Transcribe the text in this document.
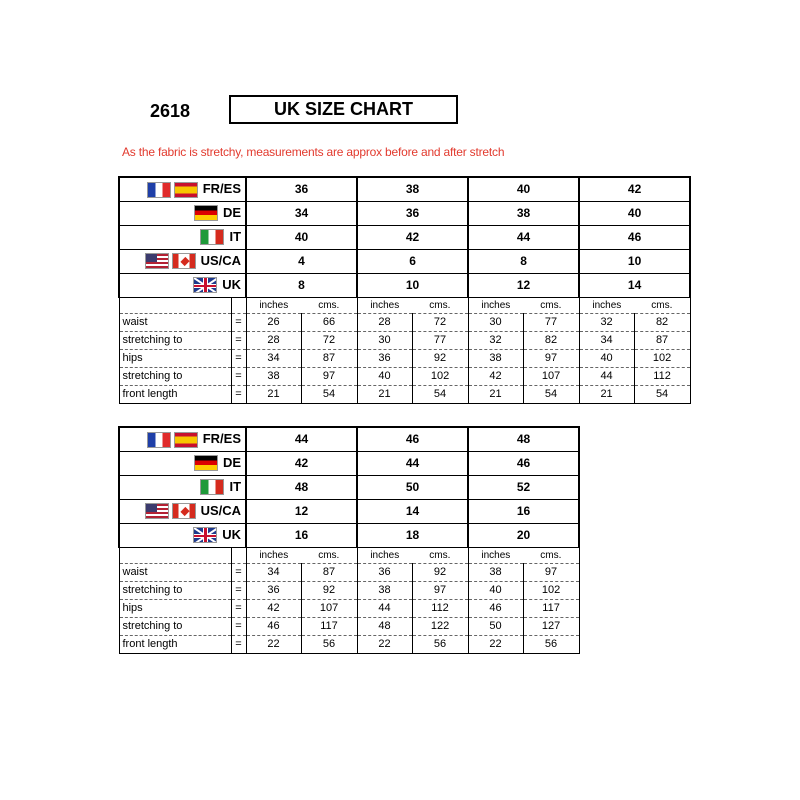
2618	UK SIZE CHART
As the fabric is stretchy, measurements are approx before and after stretch
FR/ES		36		38		40		42	

DE		34		36		38		40	

IT		40		42		44		46	

US/CA		4		6		8		10	

UK		8		10		12		14	
		inches	cms.	inches	cms.	inches	cms.	inches	cms.
waist	=	26	66	28	72	30	77	32	82
stretching to	=	28	72	30	77	32	82	34	87
hips	=	34	87	36	92	38	97	40	102
stretching to	=	38	97	40	102	42	107	44	112
front length	=	21	54	21	54	21	54	21	54
FR/ES		44		46		48	

DE		42		44		46	

IT		48		50		52	

US/CA		12		14		16	

UK		16		18		20	
		inches	cms.	inches	cms.	inches	cms.
waist	=	34	87	36	92	38	97
stretching to	=	36	92	38	97	40	102
hips	=	42	107	44	112	46	117
stretching to	=	46	117	48	122	50	127
front length	=	22	56	22	56	22	56
